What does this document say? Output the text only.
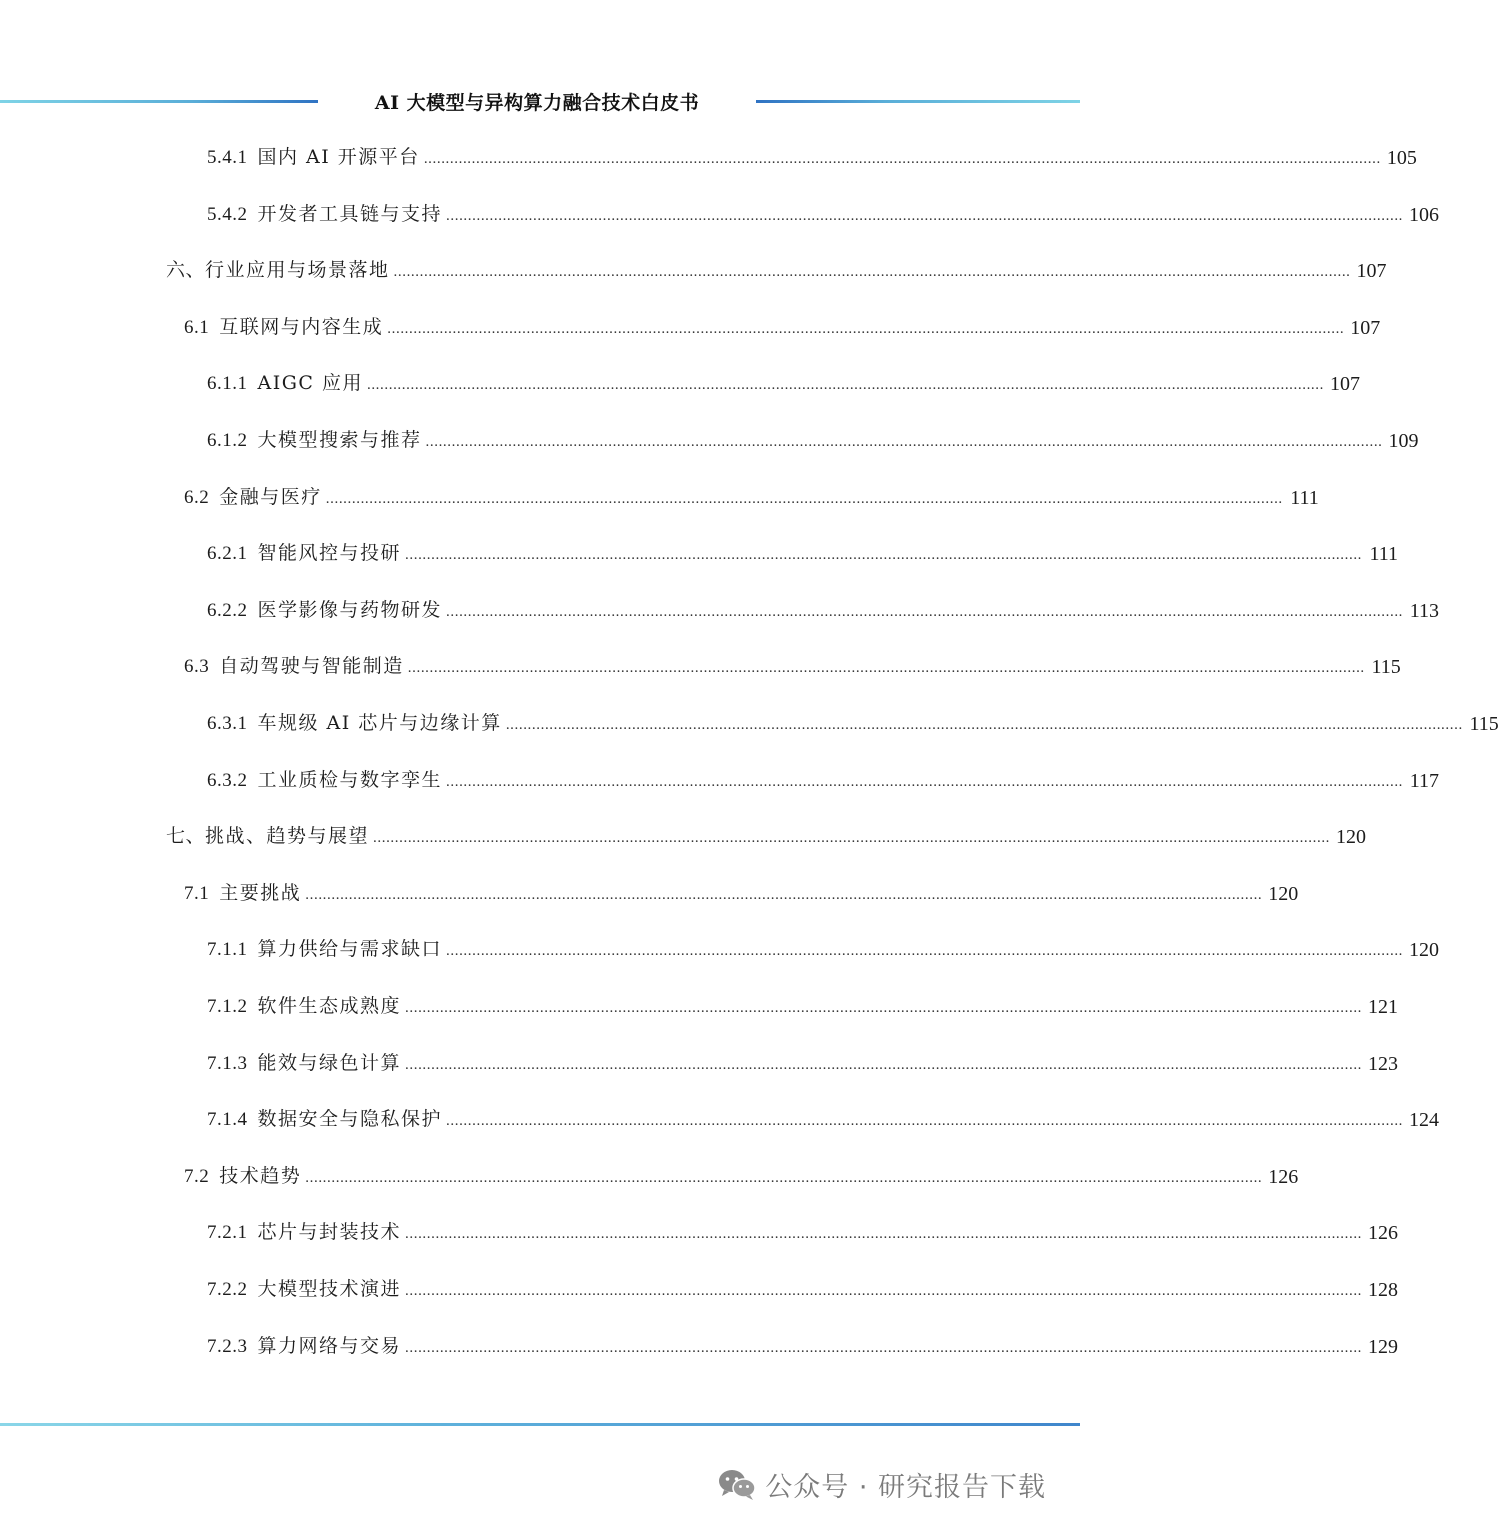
AI 大模型与异构算力融合技术白皮书
5.4.1 国内 AI 开源平台 ............................................................................................................................................................................................................................ 105
5.4.2 开发者工具链与支持 ............................................................................................................................................................................................................................ 106
六、行业应用与场景落地 ............................................................................................................................................................................................................................ 107
6.1 互联网与内容生成 ............................................................................................................................................................................................................................ 107
6.1.1 AIGC 应用 ............................................................................................................................................................................................................................ 107
6.1.2 大模型搜索与推荐 ............................................................................................................................................................................................................................ 109
6.2 金融与医疗 ............................................................................................................................................................................................................................ 111
6.2.1 智能风控与投研 ............................................................................................................................................................................................................................ 111
6.2.2 医学影像与药物研发 ............................................................................................................................................................................................................................ 113
6.3 自动驾驶与智能制造 ............................................................................................................................................................................................................................ 115
6.3.1 车规级 AI 芯片与边缘计算 ............................................................................................................................................................................................................................ 115
6.3.2 工业质检与数字孪生 ............................................................................................................................................................................................................................ 117
七、挑战、趋势与展望 ............................................................................................................................................................................................................................ 120
7.1 主要挑战 ............................................................................................................................................................................................................................ 120
7.1.1 算力供给与需求缺口 ............................................................................................................................................................................................................................ 120
7.1.2 软件生态成熟度 ............................................................................................................................................................................................................................ 121
7.1.3 能效与绿色计算 ............................................................................................................................................................................................................................ 123
7.1.4 数据安全与隐私保护 ............................................................................................................................................................................................................................ 124
7.2 技术趋势 ............................................................................................................................................................................................................................ 126
7.2.1 芯片与封装技术 ............................................................................................................................................................................................................................ 126
7.2.2 大模型技术演进 ............................................................................................................................................................................................................................ 128
7.2.3 算力网络与交易 ............................................................................................................................................................................................................................ 129
公众号 · 研究报告下载
